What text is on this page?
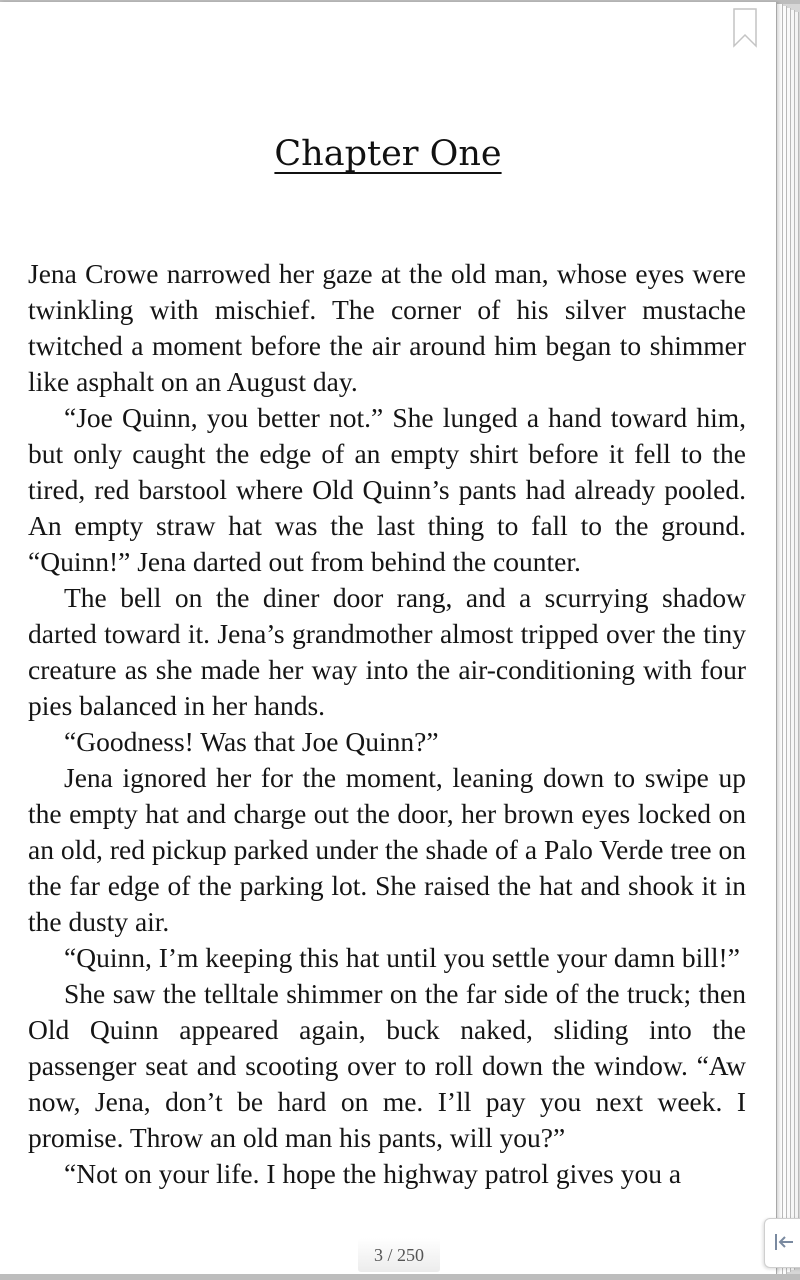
Chapter One

Jena Crowe narrowed her gaze at the old man, whose eyes were twinkling with mischief. The corner of his silver mustache twitched a moment before the air around him began to shimmer like asphalt on an August day.

“Joe Quinn, you better not.” She lunged a hand toward him, but only caught the edge of an empty shirt before it fell to the tired, red barstool where Old Quinn’s pants had already pooled. An empty straw hat was the last thing to fall to the ground. “Quinn!” Jena darted out from behind the counter.

The bell on the diner door rang, and a scurrying shadow darted toward it. Jena’s grandmother almost tripped over the tiny creature as she made her way into the air-conditioning with four pies balanced in her hands.

“Goodness! Was that Joe Quinn?”

Jena ignored her for the moment, leaning down to swipe up the empty hat and charge out the door, her brown eyes locked on an old, red pickup parked under the shade of a Palo Verde tree on the far edge of the parking lot. She raised the hat and shook it in the dusty air.

“Quinn, I’m keeping this hat until you settle your damn bill!”

She saw the telltale shimmer on the far side of the truck; then Old Quinn appeared again, buck naked, sliding into the passenger seat and scooting over to roll down the window. “Aw now, Jena, don’t be hard on me. I’ll pay you next week. I promise. Throw an old man his pants, will you?”

“Not on your life. I hope the highway patrol gives you a

3 / 250
